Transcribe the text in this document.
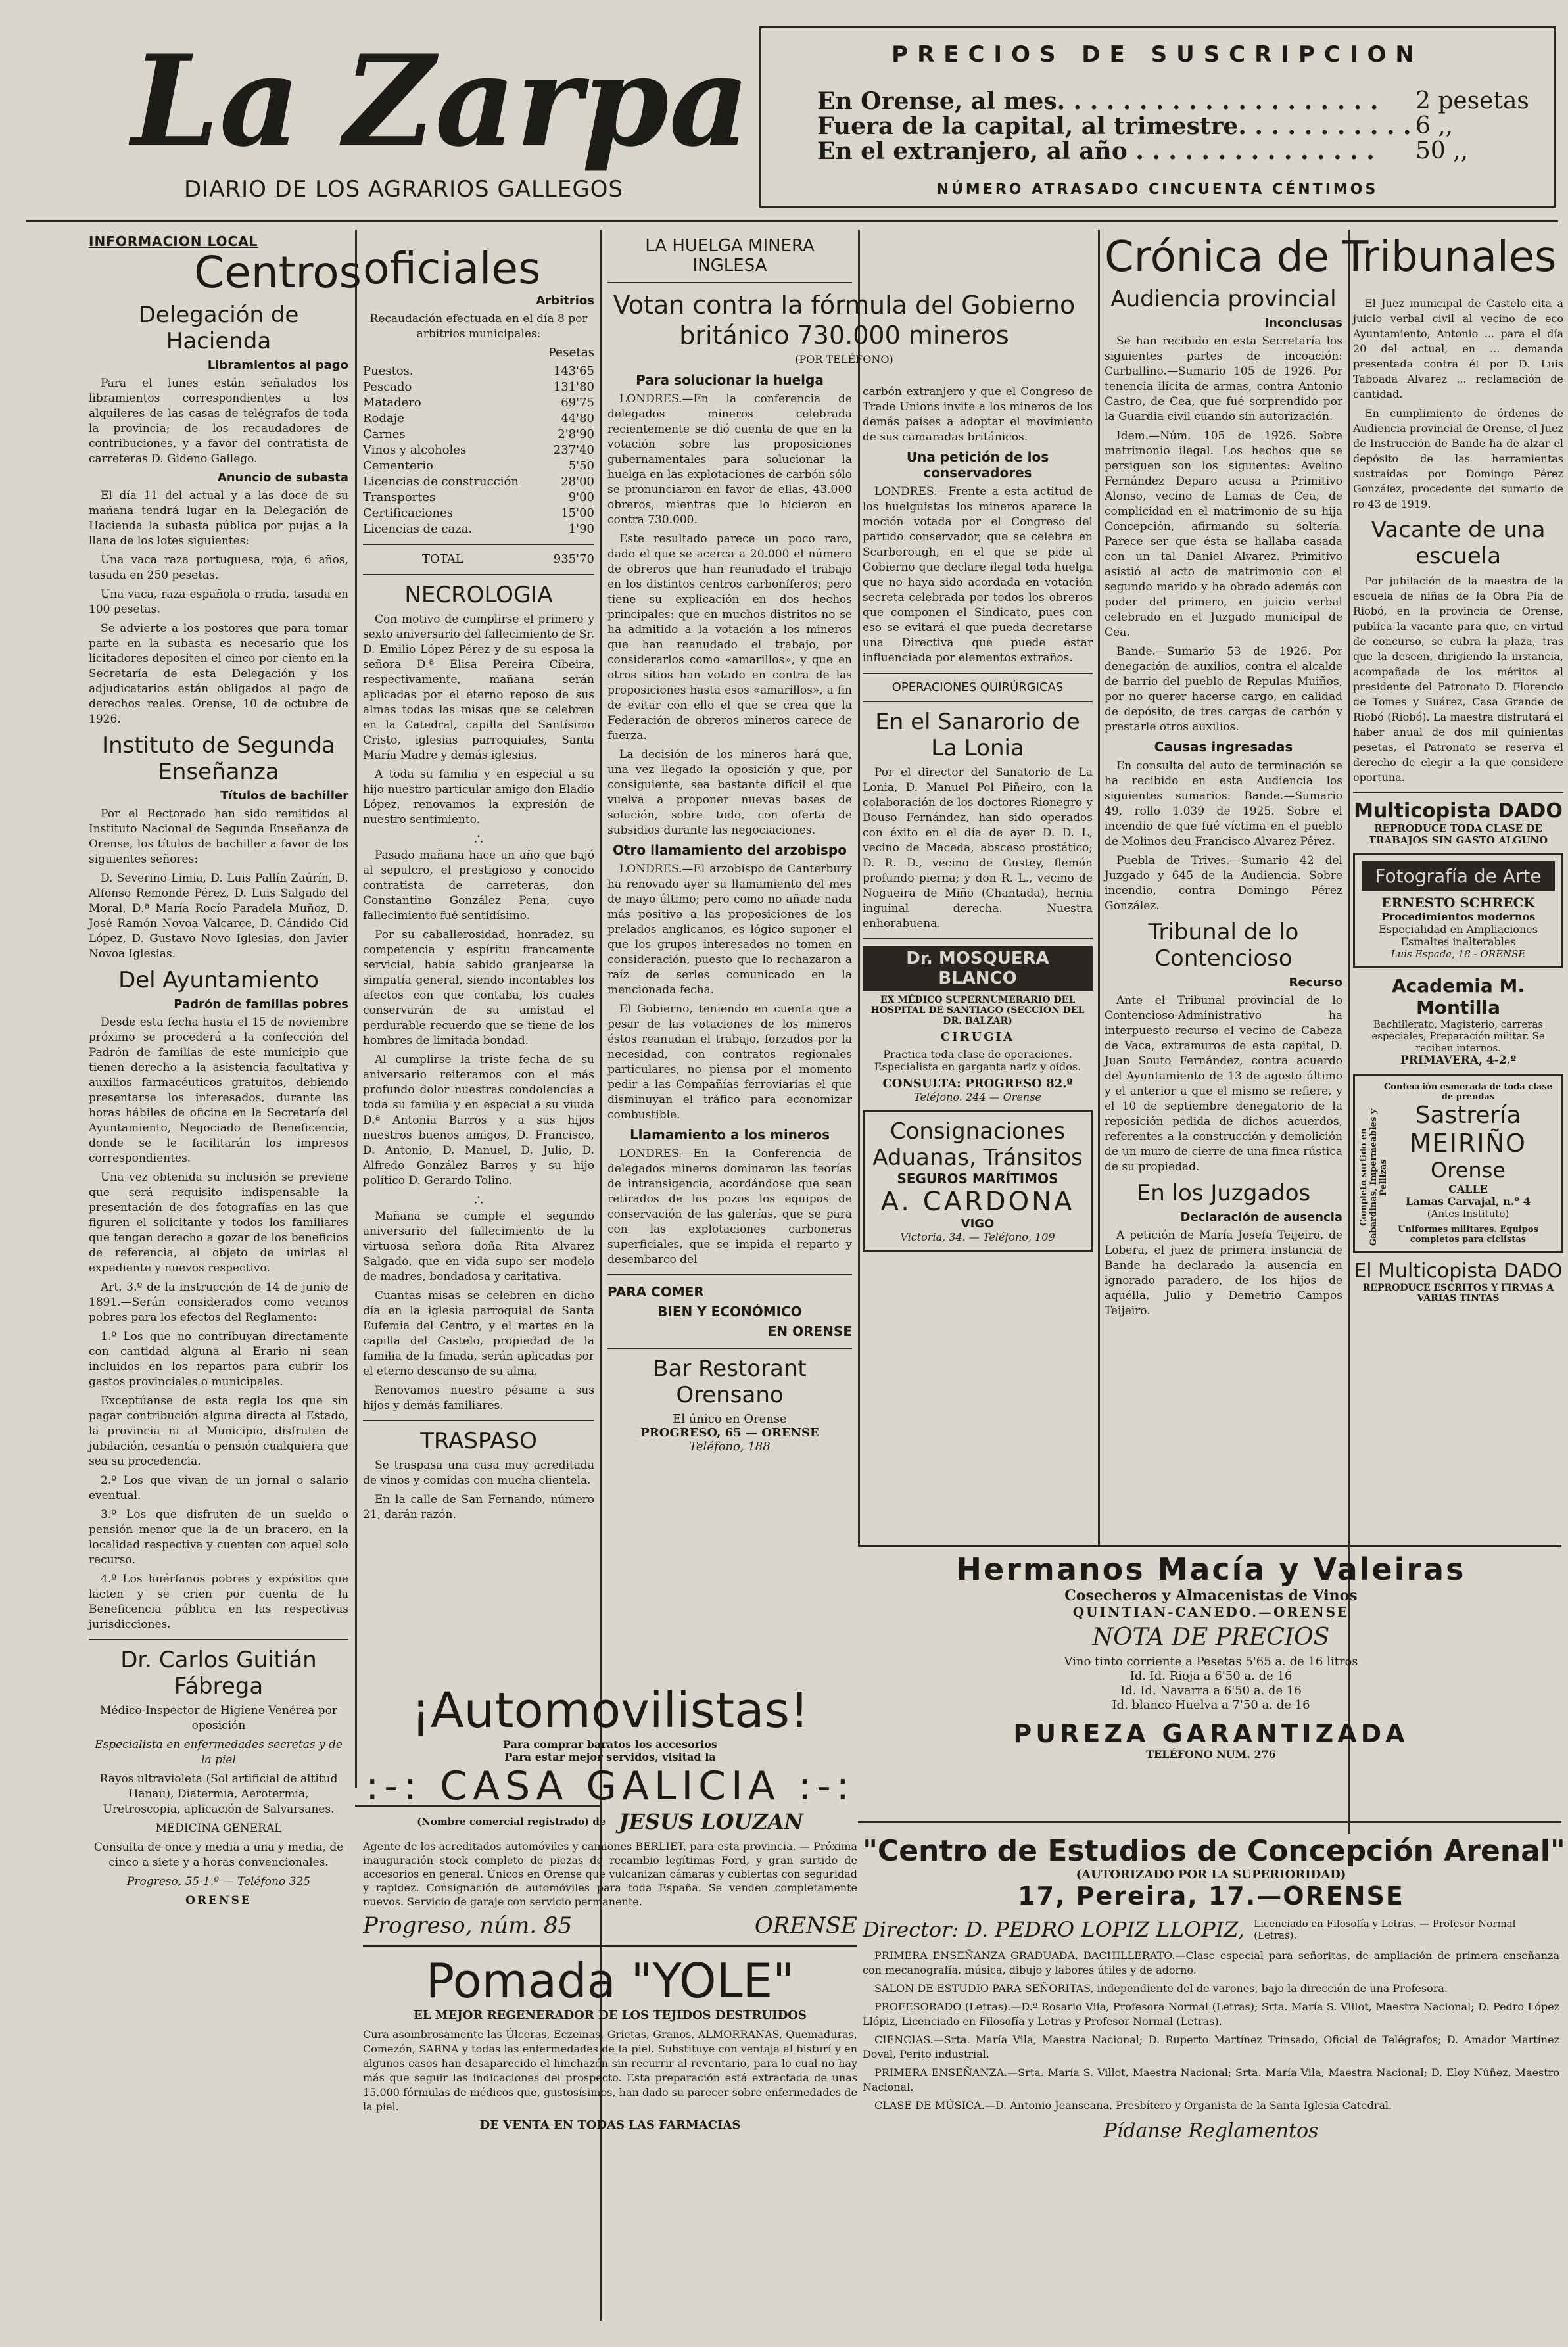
La Zarpa
DIARIO DE LOS AGRARIOS GALLEGOS
PRECIOS DE SUSCRIPCION
En Orense, al mes. . . . . . . . . . . . . . . . . . . .	2 pesetas
Fuera de la capital, al trimestre. . . . . . . . . . . 6 ,,
En el extranjero, al año . . . . . . . . . . . . . . .	50 ,,
NÚMERO ATRASADO CINCUENTA CÉNTIMOS
INFORMACION LOCAL
Centros
Delegación de Hacienda
Libramientos al pago

Para el lunes están señalados los libramientos correspondientes a los alquileres de las casas de telégrafos de toda la provincia; de los recaudadores de contribuciones, y a favor del contratista de carreteras D. Gideno Gallego.

Anuncio de subasta

El día 11 del actual y a las doce de su mañana tendrá lugar en la Delegación de Hacienda la subasta pública por pujas a la llana de los lotes siguientes:

Una vaca raza portuguesa, roja, 6 años, tasada en 250 pesetas.

Una vaca, raza española o rrada, tasada en 100 pesetas.

Se advierte a los postores que para tomar parte en la subasta es necesario que los licitadores depositen el cinco por ciento en la Secretaría de esta Delegación y los adjudicatarios están obligados al pago de derechos reales. Orense, 10 de octubre de 1926.

Instituto de Segunda Enseñanza
Títulos de bachiller

Por el Rectorado han sido remitidos al Instituto Nacional de Segunda Enseñanza de Orense, los títulos de bachiller a favor de los siguientes señores:

D. Severino Limia, D. Luis Pallín Zaúrín, D. Alfonso Remonde Pérez, D. Luis Salgado del Moral, D.ª María Rocío Paradela Muñoz, D. José Ramón Novoa Valcarce, D. Cándido Cid López, D. Gustavo Novo Iglesias, don Javier Novoa Iglesias.

Del Ayuntamiento
Padrón de familias pobres

Desde esta fecha hasta el 15 de noviembre próximo se procederá a la confección del Padrón de familias de este municipio que tienen derecho a la asistencia facultativa y auxilios farmacéuticos gratuitos, debiendo presentarse los interesados, durante las horas hábiles de oficina en la Secretaría del Ayuntamiento, Negociado de Beneficencia, donde se le facilitarán los impresos correspondientes.

Una vez obtenida su inclusión se previene que será requisito indispensable la presentación de dos fotografías en las que figuren el solicitante y todos los familiares que tengan derecho a gozar de los beneficios de referencia, al objeto de unirlas al expediente y nuevos respectivo.

Art. 3.º de la instrucción de 14 de junio de 1891.—Serán considerados como vecinos pobres para los efectos del Reglamento:

1.º Los que no contribuyan directamente con cantidad alguna al Erario ni sean incluidos en los repartos para cubrir los gastos provinciales o municipales.

Exceptúanse de esta regla los que sin pagar contribución alguna directa al Estado, la provincia ni al Municipio, disfruten de jubilación, cesantía o pensión cualquiera que sea su procedencia.

2.º Los que vivan de un jornal o salario eventual.

3.º Los que disfruten de un sueldo o pensión menor que la de un bracero, en la localidad respectiva y cuenten con aquel solo recurso.

4.º Los huérfanos pobres y expósitos que lacten y se crien por cuenta de la Beneficencia pública en las respectivas jurisdicciones.

Dr. Carlos Guitián Fábrega

Médico-Inspector de Higiene Venérea por oposición

Especialista en enfermedades secretas y de la piel

Rayos ultravioleta (Sol artificial de altitud Hanau), Diatermia, Aerotermia, Uretroscopia, aplicación de Salvarsanes.

MEDICINA GENERAL

Consulta de once y media a una y media, de cinco a siete y a horas convencionales.

Progreso, 55-1.º — Teléfono 325

ORENSE

oficiales
Arbitrios

Recaudación efectuada en el día 8 por arbitrios municipales:

Pesetas
Puestos.	143'65
Pescado	131'80
Matadero	69'75
Rodaje	44'80
Carnes	2'8'90
Vinos y alcoholes	237'40
Cementerio	5'50
Licencias de construcción	28'00
Transportes	9'00
Certificaciones	15'00
Licencias de caza.	1'90
TOTAL	935'70
NECROLOGIA

Con motivo de cumplirse el primero y sexto aniversario del fallecimiento de Sr. D. Emilio López Pérez y de su esposa la señora D.ª Elisa Pereira Cibeira, respectivamente, mañana serán aplicadas por el eterno reposo de sus almas todas las misas que se celebren en la Catedral, capilla del Santísimo Cristo, iglesias parroquiales, Santa María Madre y demás iglesias.

A toda su familia y en especial a su hijo nuestro particular amigo don Eladio López, renovamos la expresión de nuestro sentimiento.

∴

Pasado mañana hace un año que bajó al sepulcro, el prestigioso y conocido contratista de carreteras, don Constantino González Pena, cuyo fallecimiento fué sentidísimo.

Por su caballerosidad, honradez, su competencia y espíritu francamente servicial, había sabido granjearse la simpatía general, siendo incontables los afectos con que contaba, los cuales conservarán de su amistad el perdurable recuerdo que se tiene de los hombres de limitada bondad.

Al cumplirse la triste fecha de su aniversario reiteramos con el más profundo dolor nuestras condolencias a toda su familia y en especial a su viuda D.ª Antonia Barros y a sus hijos nuestros buenos amigos, D. Francisco, D. Antonio, D. Manuel, D. Julio, D. Alfredo González Barros y su hijo político D. Gerardo Tolino.

∴

Mañana se cumple el segundo aniversario del fallecimiento de la virtuosa señora doña Rita Alvarez Salgado, que en vida supo ser modelo de madres, bondadosa y caritativa.

Cuantas misas se celebren en dicho día en la iglesia parroquial de Santa Eufemia del Centro, y el martes en la capilla del Castelo, propiedad de la familia de la finada, serán aplicadas por el eterno descanso de su alma.

Renovamos nuestro pésame a sus hijos y demás familiares.

TRASPASO

Se traspasa una casa muy acreditada de vinos y comidas con mucha clientela.

En la calle de San Fernando, número 21, darán razón.

LA HUELGA MINERA INGLESA
Votan contra la fórmula del Gobierno británico 730.000 mineros
(POR TELÉFONO)
Para solucionar la huelga

LONDRES.—En la conferencia de delegados mineros celebrada recientemente se dió cuenta de que en la votación sobre las proposiciones gubernamentales para solucionar la huelga en las explotaciones de carbón sólo se pronunciaron en favor de ellas, 43.000 obreros, mientras que lo hicieron en contra 730.000.

Este resultado parece un poco raro, dado el que se acerca a 20.000 el número de obreros que han reanudado el trabajo en los distintos centros carboníferos; pero tiene su explicación en dos hechos principales: que en muchos distritos no se ha admitido a la votación a los mineros que han reanudado el trabajo, por considerarlos como «amarillos», y que en otros sitios han votado en contra de las proposiciones hasta esos «amarillos», a fin de evitar con ello el que se crea que la Federación de obreros mineros carece de fuerza.

La decisión de los mineros hará que, una vez llegado la oposición y que, por consiguiente, sea bastante difícil el que vuelva a proponer nuevas bases de solución, sobre todo, con oferta de subsidios durante las negociaciones.

Otro llamamiento del arzobispo

LONDRES.—El arzobispo de Canterbury ha renovado ayer su llamamiento del mes de mayo último; pero como no añade nada más positivo a las proposiciones de los prelados anglicanos, es lógico suponer el que los grupos interesados no tomen en consideración, puesto que lo rechazaron a raíz de serles comunicado en la mencionada fecha.

El Gobierno, teniendo en cuenta que a pesar de las votaciones de los mineros éstos reanudan el trabajo, forzados por la necesidad, con contratos regionales particulares, no piensa por el momento pedir a las Compañías ferroviarias el que disminuyan el tráfico para economizar combustible.

Llamamiento a los mineros

LONDRES.—En la Conferencia de delegados mineros dominaron las teorías de intransigencia, acordándose que sean retirados de los pozos los equipos de conservación de las galerías, que se para con las explotaciones carboneras superficiales, que se impida el reparto y desembarco del

PARA COMER
BIEN Y ECONÓMICO
EN ORENSE
Bar Restorant Orensano
El único en Orense
PROGRESO, 65 — ORENSE
Teléfono, 188

carbón extranjero y que el Congreso de Trade Unions invite a los mineros de los demás países a adoptar el movimiento de sus camaradas británicos.

Una petición de los conservadores

LONDRES.—Frente a esta actitud de los huelguistas los mineros aparece la moción votada por el Congreso del partido conservador, que se celebra en Scarborough, en el que se pide al Gobierno que declare ilegal toda huelga que no haya sido acordada en votación secreta celebrada por todos los obreros que componen el Sindicato, pues con eso se evitará el que pueda decretarse una Directiva que puede estar influenciada por elementos extraños.

OPERACIONES QUIRÚRGICAS
En el Sanarorio de La Lonia

Por el director del Sanatorio de La Lonia, D. Manuel Pol Piñeiro, con la colaboración de los doctores Rionegro y Bouso Fernández, han sido operados con éxito en el día de ayer D. D. L, vecino de Maceda, absceso prostático; D. R. D., vecino de Gustey, flemón profundo pierna; y don R. L., vecino de Nogueira de Miño (Chantada), hernia inguinal derecha. Nuestra enhorabuena.

Dr. MOSQUERA BLANCO
EX MÉDICO SUPERNUMERARIO DEL HOSPITAL DE SANTIAGO (SECCIÓN DEL DR. BALZAR)
CIRUGIA
Practica toda clase de operaciones. Especialista en garganta nariz y oídos.
CONSULTA: PROGRESO 82.º
Teléfono. 244 — Orense
Consignaciones
Aduanas, Tránsitos
SEGUROS MARÍTIMOS
A. CARDONA
VIGO
Victoria, 34. — Teléfono, 109
Crónica de Tribunales
Audiencia provincial
Inconclusas

Se han recibido en esta Secretaría los siguientes partes de incoación: Carballino.—Sumario 105 de 1926. Por tenencia ilícita de armas, contra Antonio Castro, de Cea, que fué sorprendido por la Guardia civil cuando sin autorización.

Idem.—Núm. 105 de 1926. Sobre matrimonio ilegal. Los hechos que se persiguen son los siguientes: Avelino Fernández Deparo acusa a Primitivo Alonso, vecino de Lamas de Cea, de complicidad en el matrimonio de su hija Concepción, afirmando su soltería. Parece ser que ésta se hallaba casada con un tal Daniel Alvarez. Primitivo asistió al acto de matrimonio con el segundo marido y ha obrado además con poder del primero, en juicio verbal celebrado en el Juzgado municipal de Cea.

Bande.—Sumario 53 de 1926. Por denegación de auxilios, contra el alcalde de barrio del pueblo de Repulas Muiños, por no querer hacerse cargo, en calidad de depósito, de tres cargas de carbón y prestarle otros auxilios.

Causas ingresadas

En consulta del auto de terminación se ha recibido en esta Audiencia los siguientes sumarios: Bande.—Sumario 49, rollo 1.039 de 1925. Sobre el incendio de que fué víctima en el pueblo de Molinos deu Francisco Alvarez Pérez.

Puebla de Trives.—Sumario 42 del Juzgado y 645 de la Audiencia. Sobre incendio, contra Domingo Pérez González.

Tribunal de lo Contencioso
Recurso

Ante el Tribunal provincial de lo Contencioso-Administrativo ha interpuesto recurso el vecino de Cabeza de Vaca, extramuros de esta capital, D. Juan Souto Fernández, contra acuerdo del Ayuntamiento de 13 de agosto último y el anterior a que el mismo se refiere, y el 10 de septiembre denegatorio de la reposición pedida de dichos acuerdos, referentes a la construcción y demolición de un muro de cierre de una finca rústica de su propiedad.

En los Juzgados
Declaración de ausencia

A petición de María Josefa Teijeiro, de Lobera, el juez de primera instancia de Bande ha declarado la ausencia en ignorado paradero, de los hijos de aquélla, Julio y Demetrio Campos Teijeiro.

El Juez municipal de Castelo cita a juicio verbal civil al vecino de eco Ayuntamiento, Antonio ... para el día 20 del actual, en ... demanda presentada contra él por D. Luis Taboada Alvarez ... reclamación de cantidad.

En cumplimiento de órdenes de Audiencia provincial de Orense, el Juez de Instrucción de Bande ha de alzar el depósito de las herramientas sustraídas por Domingo Pérez González, procedente del sumario de ro 43 de 1919.

Vacante de una escuela

Por jubilación de la maestra de la escuela de niñas de la Obra Pía de Riobó, en la provincia de Orense, publica la vacante para que, en virtud de concurso, se cubra la plaza, tras que la deseen, dirigiendo la instancia, acompañada de los méritos al presidente del Patronato D. Florencio de Tomes y Suárez, Casa Grande de Riobó (Riobó). La maestra disfrutará el haber anual de dos mil quinientas pesetas, el Patronato se reserva el derecho de elegir a la que considere oportuna.

Multicopista DADO
REPRODUCE TODA CLASE DE TRABAJOS SIN GASTO ALGUNO
Fotografía de Arte
ERNESTO SCHRECK
Procedimientos modernos
Especialidad en Ampliaciones
Esmaltes inalterables
Luis Espada, 18 - ORENSE
Academia M. Montilla
Bachillerato, Magisterio, carreras especiales, Preparación militar. Se reciben internos.
PRIMAVERA, 4-2.º
Confección esmerada de toda clase de prendas
Completo surtido en Gabardinas, Impermeables y Pellizas
Sastrería
MEIRIÑO
Orense
CALLE
Lamas Carvajal, n.º 4
(Antes Instituto)
Uniformes militares. Equipos completos para ciclistas
El Multicopista DADO
REPRODUCE ESCRITOS Y FIRMAS A VARIAS TINTAS
¡Automovilistas!
Para comprar baratos los accesorios
Para estar mejor servidos, visitad la
:-: CASA GALICIA :-:
(Nombre comercial registrado) de JESUS LOUZAN

Agente de los acreditados automóviles y camiones BERLIET, para esta provincia. — Próxima inauguración stock completo de piezas de recambio legítimas Ford, y gran surtido de accesorios en general. Únicos en Orense que vulcanizan cámaras y cubiertas con seguridad y rapidez. Consignación de automóviles para toda España. Se venden completamente nuevos. Servicio de garaje con servicio permanente.

Progreso, núm. 85	ORENSE
Pomada "YOLE"
EL MEJOR REGENERADOR DE LOS TEJIDOS DESTRUIDOS

Cura asombrosamente las Úlceras, Eczemas, Grietas, Granos, ALMORRANAS, Quemaduras, Comezón, SARNA y todas las enfermedades de la piel. Substituye con ventaja al bisturí y en algunos casos han desaparecido el hinchazón sin recurrir al reventario, para lo cual no hay más que seguir las indicaciones del prospecto. Esta preparación está extractada de unas 15.000 fórmulas de médicos que, gustosísimos, han dado su parecer sobre enfermedades de la piel.

DE VENTA EN TODAS LAS FARMACIAS
Hermanos Macía y Valeiras
Cosecheros y Almacenistas de Vinos
QUINTIAN-CANEDO.—ORENSE
NOTA DE PRECIOS
Vino tinto corriente a Pesetas 5'65 a. de 16 litros
Id. Id. Rioja a 6'50 a. de 16
Id. Id. Navarra a 6'50 a. de 16
Id. blanco Huelva a 7'50 a. de 16
PUREZA GARANTIZADA
TELÉFONO NUM. 276
"Centro de Estudios de Concepción Arenal"
(AUTORIZADO POR LA SUPERIORIDAD)
17, Pereira, 17.—ORENSE
Director: D. PEDRO LOPIZ LLOPIZ, Licenciado en Filosofía y Letras. — Profesor Normal (Letras).

PRIMERA ENSEÑANZA GRADUADA, BACHILLERATO.—Clase especial para señoritas, de ampliación de primera enseñanza con mecanografía, música, dibujo y labores útiles y de adorno.

SALON DE ESTUDIO PARA SEÑORITAS, independiente del de varones, bajo la dirección de una Profesora.

PROFESORADO (Letras).—D.ª Rosario Vila, Profesora Normal (Letras); Srta. María S. Villot, Maestra Nacional; D. Pedro López Llópiz, Licenciado en Filosofía y Letras y Profesor Normal (Letras).

CIENCIAS.—Srta. María Vila, Maestra Nacional; D. Ruperto Martínez Trinsado, Oficial de Telégrafos; D. Amador Martínez Doval, Perito industrial.

PRIMERA ENSEÑANZA.—Srta. María S. Villot, Maestra Nacional; Srta. María Vila, Maestra Nacional; D. Eloy Núñez, Maestro Nacional.

CLASE DE MÚSICA.—D. Antonio Jeanseana, Presbítero y Organista de la Santa Iglesia Catedral.

Pídanse Reglamentos
